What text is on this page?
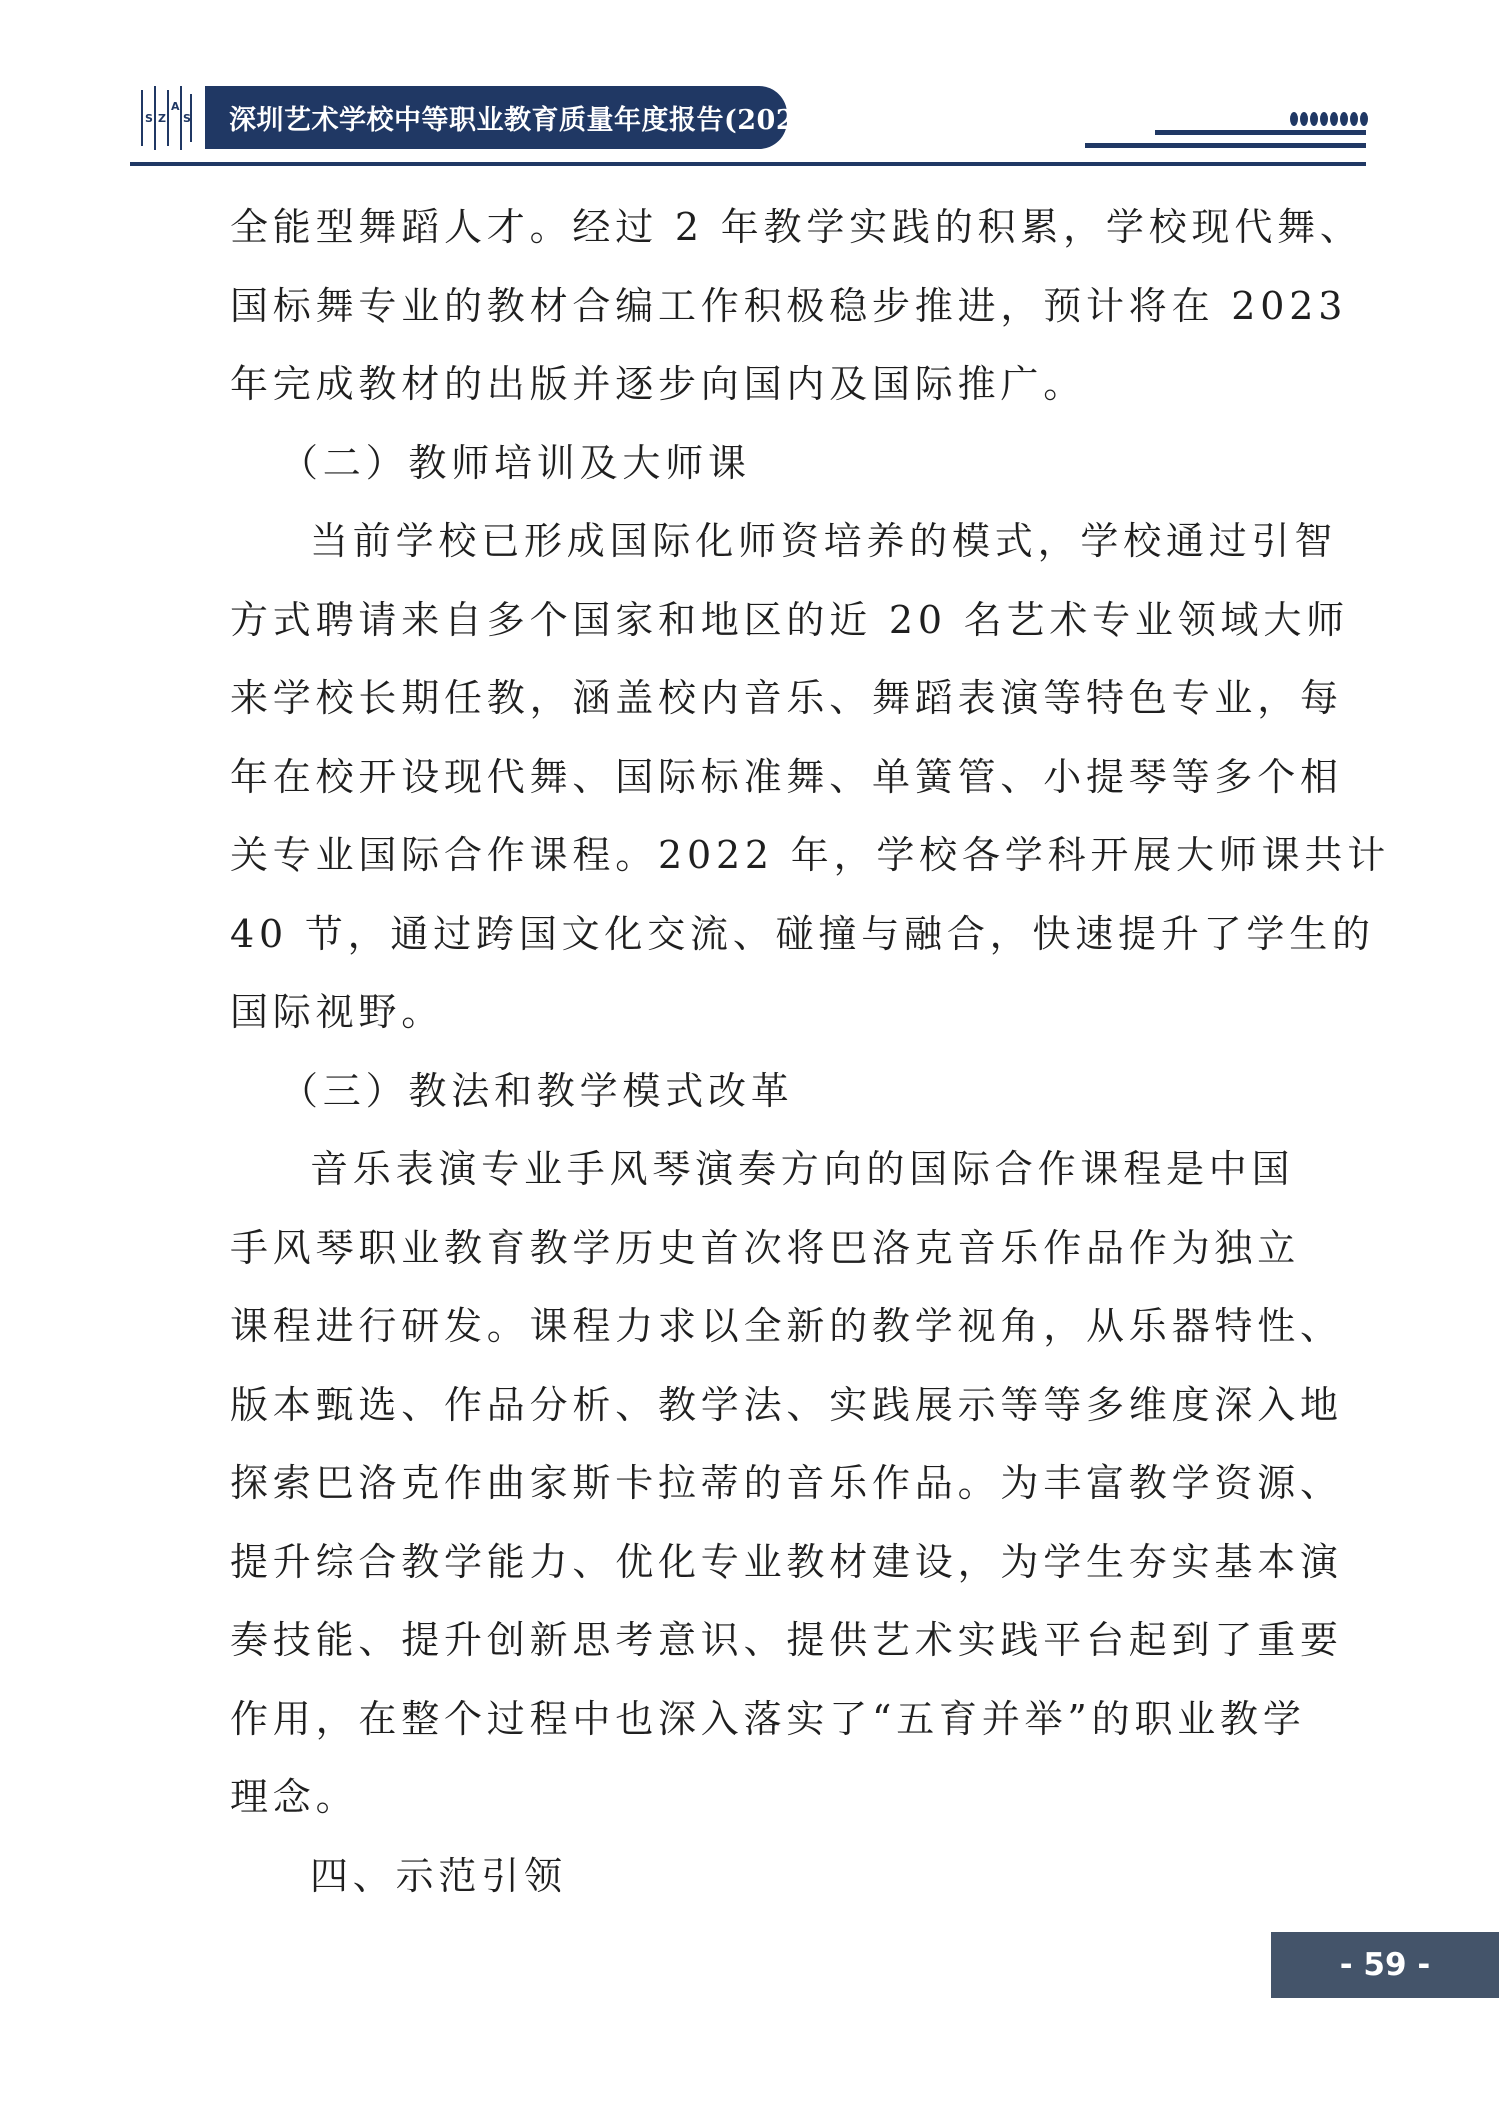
S Z
A
S 深圳艺术学校中等职业教育质量年度报告(2023)
全能型舞蹈人才。经过 2 年教学实践的积累，学校现代舞、
国标舞专业的教材合编工作积极稳步推进，预计将在 2023
年完成教材的出版并逐步向国内及国际推广。
（二）教师培训及大师课
当前学校已形成国际化师资培养的模式，学校通过引智
方式聘请来自多个国家和地区的近 20 名艺术专业领域大师
来学校长期任教，涵盖校内音乐、舞蹈表演等特色专业，每
年在校开设现代舞、国际标准舞、单簧管、小提琴等多个相
关专业国际合作课程。2022 年，学校各学科开展大师课共计
40 节，通过跨国文化交流、碰撞与融合，快速提升了学生的
国际视野。
（三）教法和教学模式改革
音乐表演专业手风琴演奏方向的国际合作课程是中国
手风琴职业教育教学历史首次将巴洛克音乐作品作为独立
课程进行研发。课程力求以全新的教学视角，从乐器特性、
版本甄选、作品分析、教学法、实践展示等等多维度深入地
探索巴洛克作曲家斯卡拉蒂的音乐作品。为丰富教学资源、
提升综合教学能力、优化专业教材建设，为学生夯实基本演
奏技能、提升创新思考意识、提供艺术实践平台起到了重要
作用，在整个过程中也深入落实了“五育并举”的职业教学
理念。
四、示范引领
- 59 -
